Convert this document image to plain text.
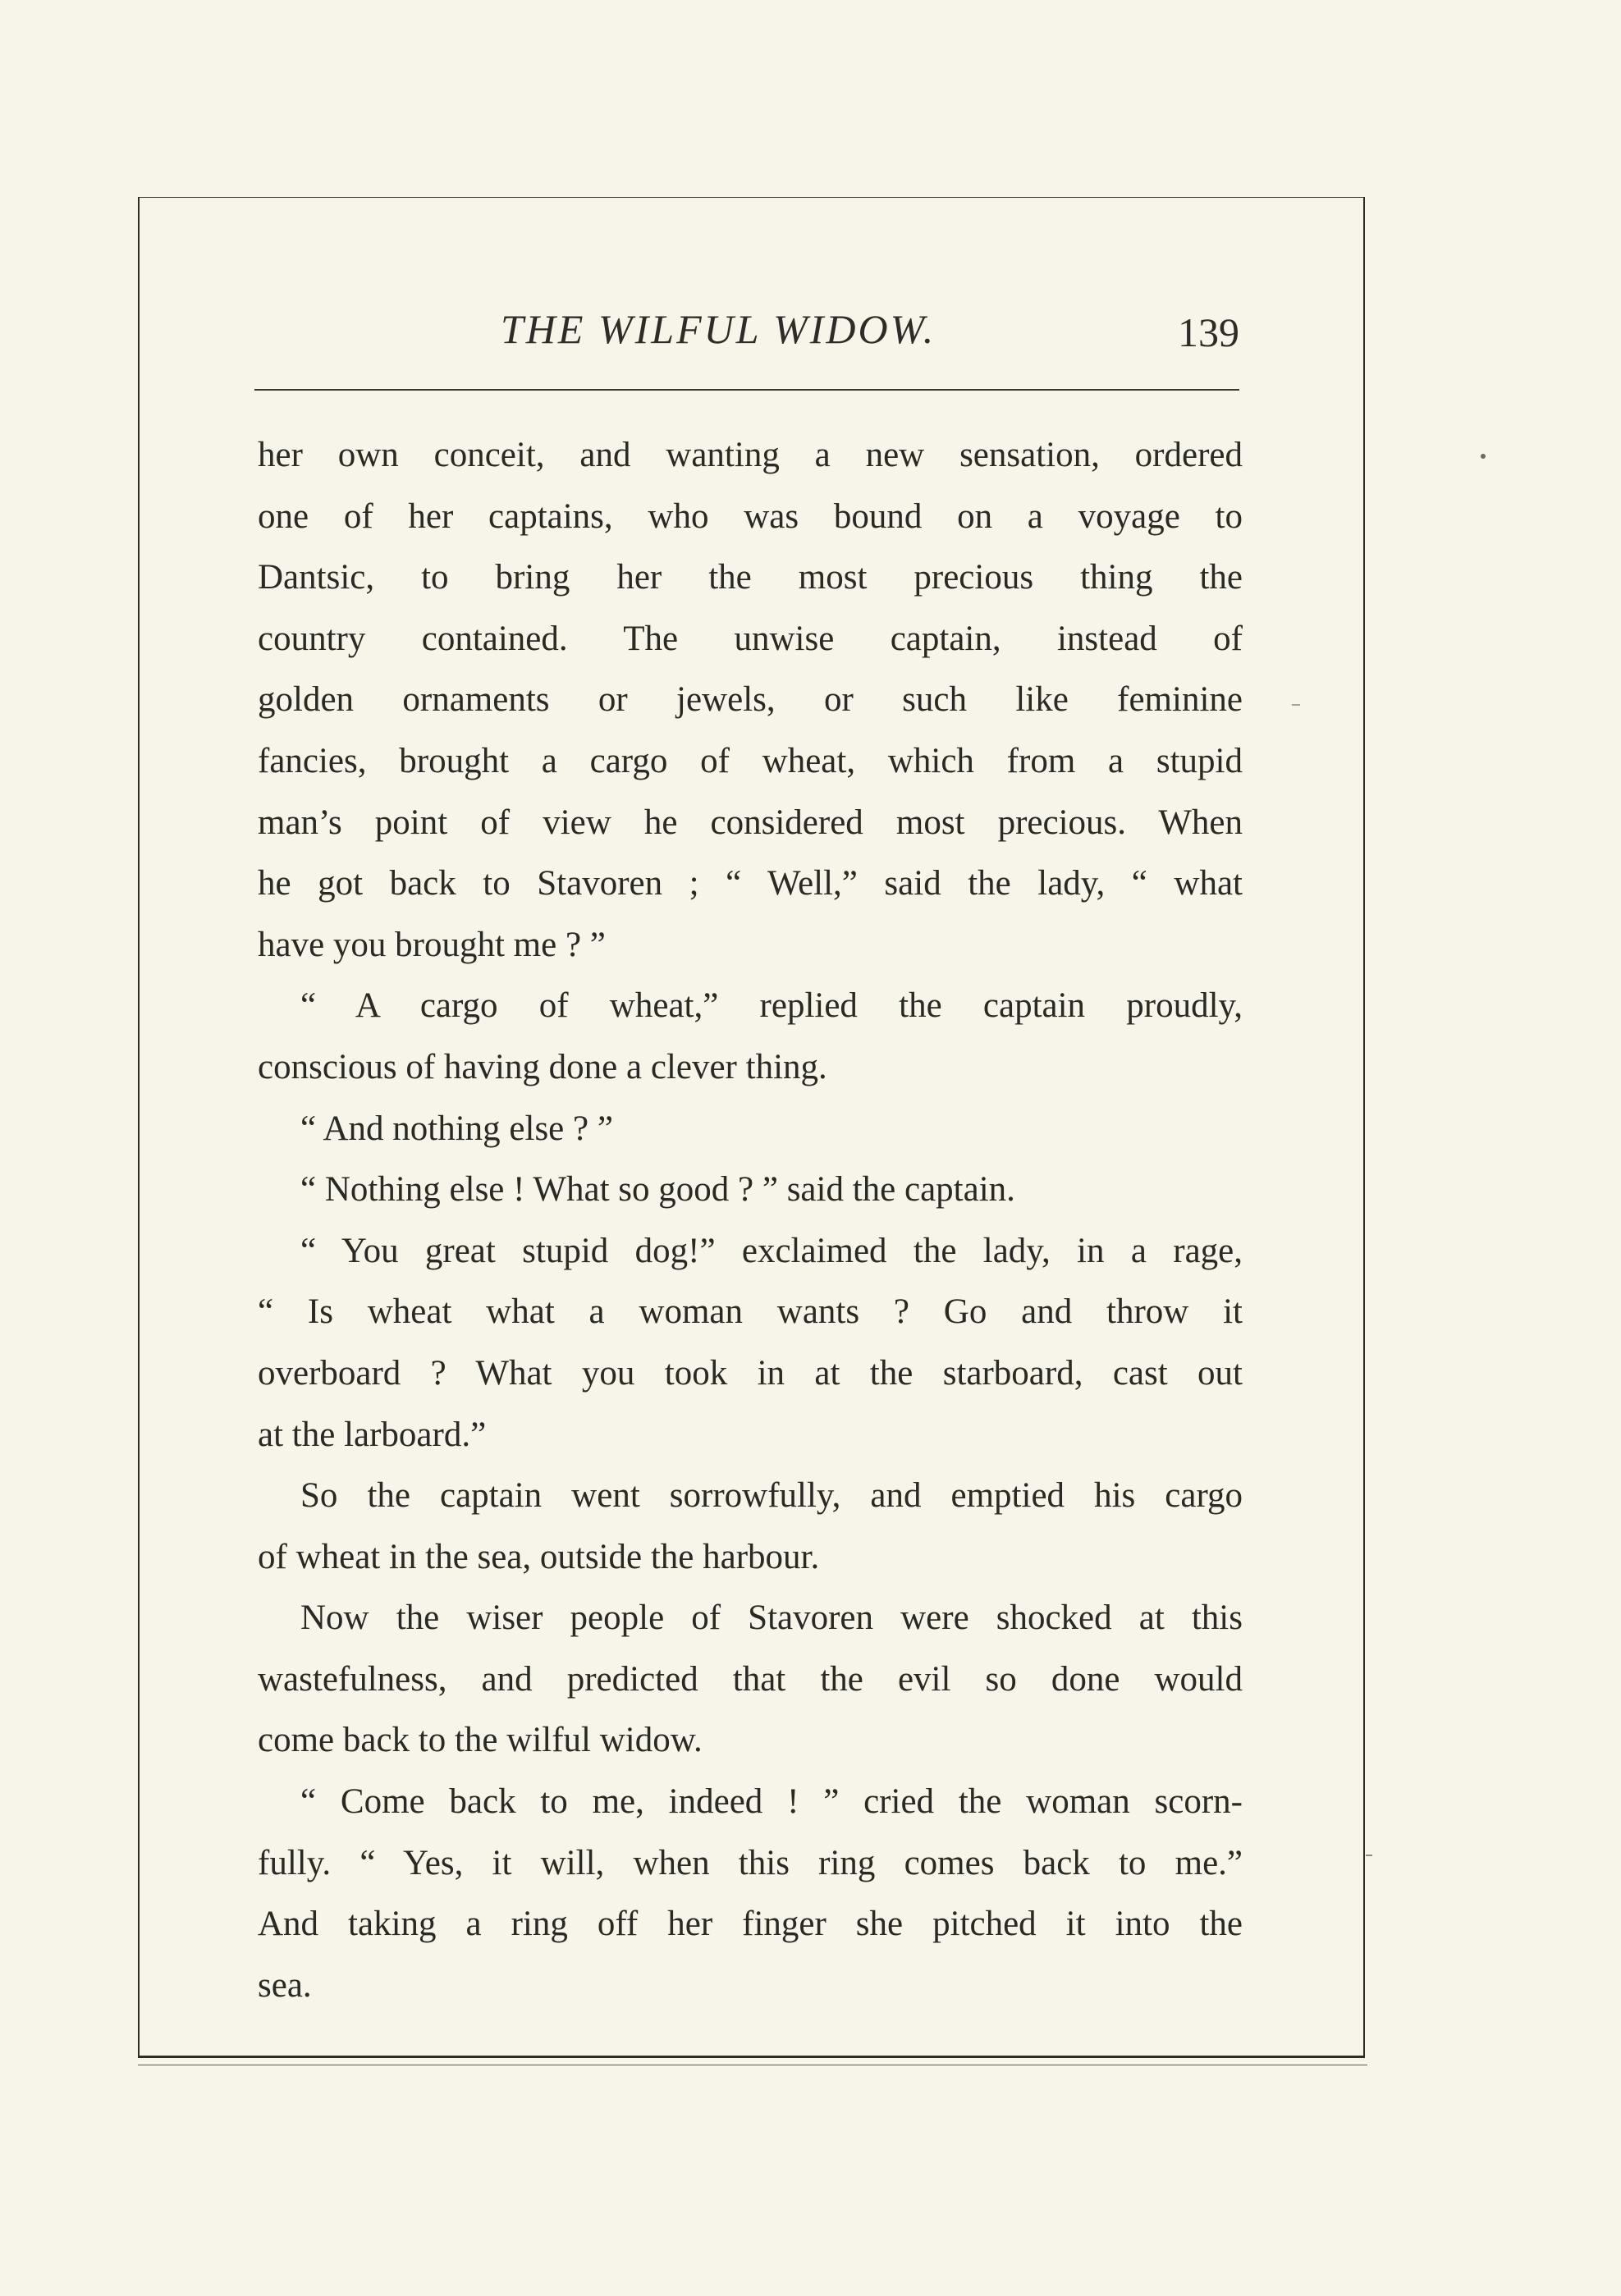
THE WILFUL WIDOW.	139
her own conceit, and wanting a new sensation, ordered
one of her captains, who was bound on a voyage to
Dantsic, to bring her the most precious thing the
country contained. The unwise captain, instead of
golden ornaments or jewels, or such like feminine
fancies, brought a cargo of wheat, which from a stupid
man’s point of view he considered most precious. When
he got back to Stavoren ; “ Well,” said the lady, “ what
have you brought me ? ”
“ A cargo of wheat,” replied the captain proudly,
conscious of having done a clever thing.
“ And nothing else ? ”
“ Nothing else ! What so good ? ” said the captain.
“ You great stupid dog!” exclaimed the lady, in a rage,
“ Is wheat what a woman wants ? Go and throw it
overboard ? What you took in at the starboard, cast out
at the larboard.”
So the captain went sorrowfully, and emptied his cargo
of wheat in the sea, outside the harbour.
Now the wiser people of Stavoren were shocked at this
wastefulness, and predicted that the evil so done would
come back to the wilful widow.
“ Come back to me, indeed ! ” cried the woman scorn-
fully. “ Yes, it will, when this ring comes back to me.”
And taking a ring off her finger she pitched it into the
sea.
